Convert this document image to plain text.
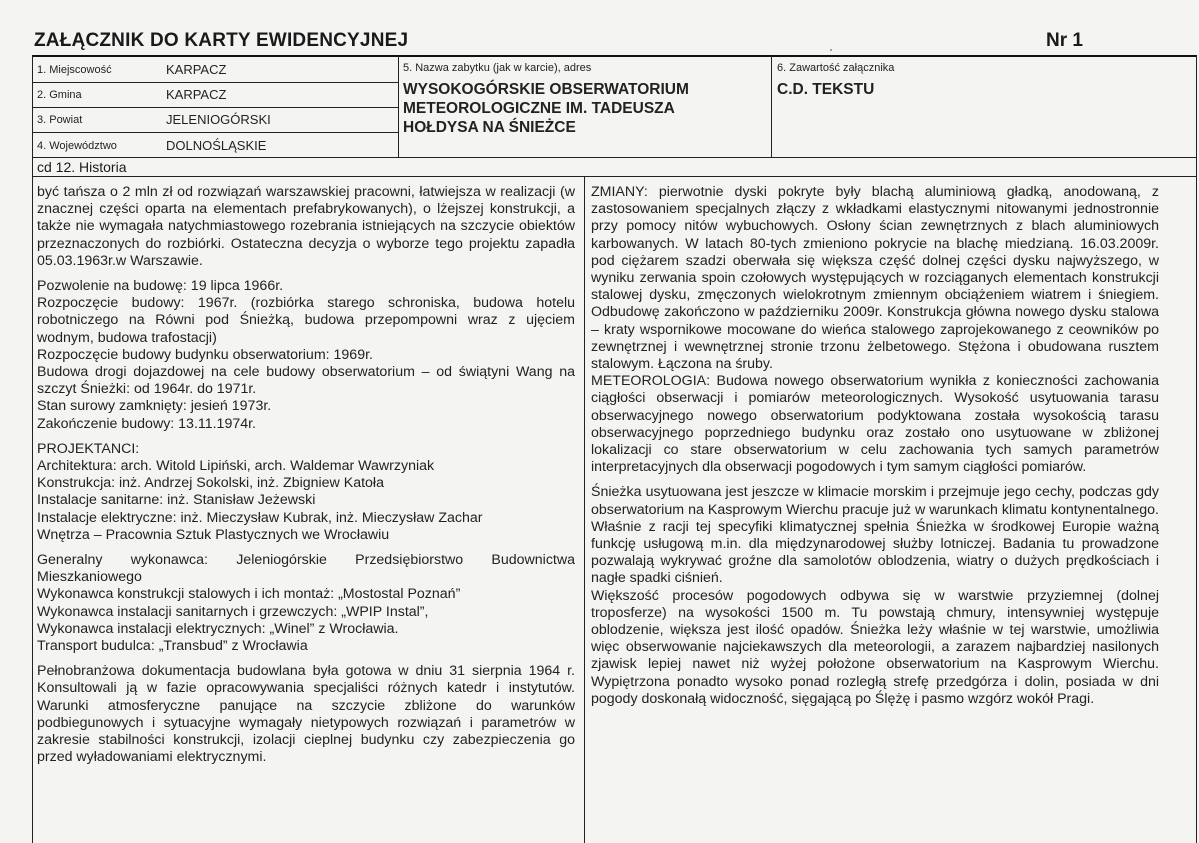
ZAŁĄCZNIK DO KARTY EWIDENCYJNEJ	Nr 1
1. Miejscowość	KARPACZ
2. Gmina	KARPACZ
3. Powiat	JELENIOGÓRSKI
4. Województwo	DOLNOŚLĄSKIE
5. Nazwa zabytku (jak w karcie), adres
WYSOKOGÓRSKIE OBSERWATORIUM
METEOROLOGICZNE IM. TADEUSZA
HOŁDYSA NA ŚNIEŻCE
6. Zawartość załącznika
C.D. TEKSTU
cd 12. Historia

być tańsza o 2 mln zł od rozwiązań warszawskiej pracowni, łatwiejsza w realizacji (w znacznej części oparta na elementach prefabrykowanych), o lżejszej konstrukcji, a także nie wymagała natychmiastowego rozebrania istniejących na szczycie obiektów przeznaczonych do rozbiórki. Ostateczna decyzja o wyborze tego projektu zapadła 05.03.1963r.w Warszawie.

Pozwolenie na budowę: 19 lipca 1966r.
Rozpoczęcie budowy: 1967r. (rozbiórka starego schroniska, budowa hotelu robotniczego na Równi pod Śnieżką, budowa przepompowni wraz z ujęciem wodnym, budowa trafostacji)
Rozpoczęcie budowy budynku obserwatorium: 1969r.
Budowa drogi dojazdowej na cele budowy obserwatorium – od świątyni Wang na szczyt Śnieżki: od 1964r. do 1971r.
Stan surowy zamknięty: jesień 1973r.
Zakończenie budowy: 13.11.1974r.

PROJEKTANCI:
Architektura: arch. Witold Lipiński, arch. Waldemar Wawrzyniak
Konstrukcja: inż. Andrzej Sokolski, inż. Zbigniew Katoła
Instalacje sanitarne: inż. Stanisław Jeżewski
Instalacje elektryczne: inż. Mieczysław Kubrak, inż. Mieczysław Zachar
Wnętrza – Pracownia Sztuk Plastycznych we Wrocławiu

Generalny wykonawca: Jeleniogórskie Przedsiębiorstwo Budownictwa Mieszkaniowego
Wykonawca konstrukcji stalowych i ich montaż: „Mostostal Poznań”
Wykonawca instalacji sanitarnych i grzewczych: „WPIP Instal”,
Wykonawca instalacji elektrycznych: „Winel” z Wrocławia.
Transport budulca: „Transbud” z Wrocławia

Pełnobranżowa dokumentacja budowlana była gotowa w dniu 31 sierpnia 1964 r. Konsultowali ją w fazie opracowywania specjaliści różnych katedr i instytutów. Warunki atmosferyczne panujące na szczycie zbliżone do warunków podbiegunowych i sytuacyjne wymagały nietypowych rozwiązań i parametrów w zakresie stabilności konstrukcji, izolacji cieplnej budynku czy zabezpieczenia go przed wyładowaniami elektrycznymi.

ZMIANY: pierwotnie dyski pokryte były blachą aluminiową gładką, anodowaną, z zastosowaniem specjalnych złączy z wkładkami elastycznymi nitowanymi jednostronnie przy pomocy nitów wybuchowych. Osłony ścian zewnętrznych z blach aluminiowych karbowanych. W latach 80-tych zmieniono pokrycie na blachę miedzianą. 16.03.2009r. pod ciężarem szadzi oberwała się większa część dolnej części dysku najwyższego, w wyniku zerwania spoin czołowych występujących w rozciąganych elementach konstrukcji stalowej dysku, zmęczonych wielokrotnym zmiennym obciążeniem wiatrem i śniegiem. Odbudowę zakończono w październiku 2009r. Konstrukcja główna nowego dysku stalowa – kraty wspornikowe mocowane do wieńca stalowego zaprojekowanego z ceowników po zewnętrznej i wewnętrznej stronie trzonu żelbetowego. Stężona i obudowana rusztem stalowym. Łączona na śruby.

METEOROLOGIA: Budowa nowego obserwatorium wynikła z konieczności zachowania ciągłości obserwacji i pomiarów meteorologicznych. Wysokość usytuowania tarasu obserwacyjnego nowego obserwatorium podyktowana została wysokością tarasu obserwacyjnego poprzedniego budynku oraz zostało ono usytuowane w zbliżonej lokalizacji co stare obserwatorium w celu zachowania tych samych parametrów interpretacyjnych dla obserwacji pogodowych i tym samym ciągłości pomiarów.

Śnieżka usytuowana jest jeszcze w klimacie morskim i przejmuje jego cechy, podczas gdy obserwatorium na Kasprowym Wierchu pracuje już w warunkach klimatu kontynentalnego. Właśnie z racji tej specyfiki klimatycznej spełnia Śnieżka w środkowej Europie ważną funkcję usługową m.in. dla międzynarodowej służby lotniczej. Badania tu prowadzone pozwalają wykrywać groźne dla samolotów oblodzenia, wiatry o dużych prędkościach i nagłe spadki ciśnień.

Większość procesów pogodowych odbywa się w warstwie przyziemnej (dolnej troposferze) na wysokości 1500 m. Tu powstają chmury, intensywniej występuje oblodzenie, większa jest ilość opadów. Śnieżka leży właśnie w tej warstwie, umożliwia więc obserwowanie najciekawszych dla meteorologii, a zarazem najbardziej nasilonych zjawisk lepiej nawet niż wyżej położone obserwatorium na Kasprowym Wierchu. Wypiętrzona ponadto wysoko ponad rozległą strefę przedgórza i dolin, posiada w dni pogody doskonałą widoczność, sięgającą po Ślężę i pasmo wzgórz wokół Pragi.
